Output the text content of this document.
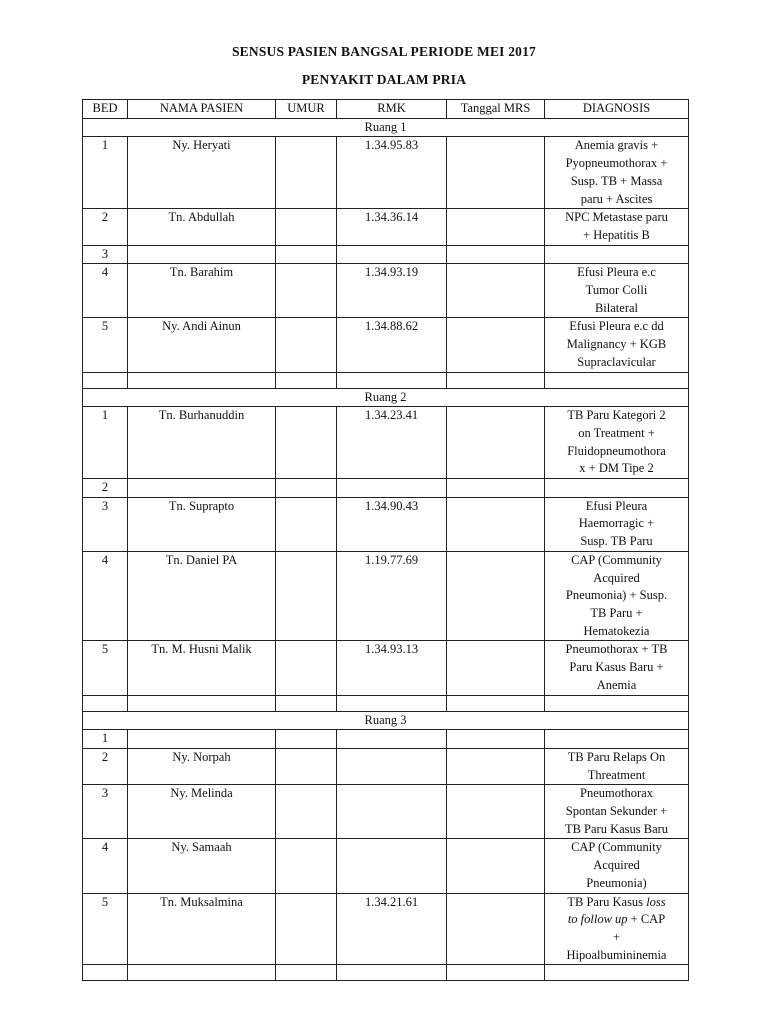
SENSUS PASIEN BANGSAL PERIODE MEI 2017
PENYAKIT DALAM PRIA
BED	NAMA PASIEN	UMUR	RMK	Tanggal MRS	DIAGNOSIS
Ruang 1					
1	Ny. Heryati		1.34.95.83		Anemia gravis +
Pyopneumothorax +
Susp. TB + Massa
paru + Ascites

2	Tn. Abdullah		1.34.36.14		NPC Metastase paru
+ Hepatitis B

3					
4	Tn. Barahim		1.34.93.19		Efusi Pleura e.c
Tumor Colli
Bilateral

5	Ny. Andi Ainun		1.34.88.62		Efusi Pleura e.c dd
Malignancy + KGB
Supraclavicular

Ruang 2					
1	Tn. Burhanuddin		1.34.23.41		TB Paru Kategori 2
on Treatment +
Fluidopneumothora
x + DM Tipe 2

2					
3	Tn. Suprapto		1.34.90.43		Efusi Pleura
Haemorragic +
Susp. TB Paru

4	Tn. Daniel PA		1.19.77.69		CAP (Community
Acquired
Pneumonia) + Susp.
TB Paru +
Hematokezia

5	Tn. M. Husni Malik		1.34.93.13		Pneumothorax + TB
Paru Kasus Baru +
Anemia

Ruang 3					
1					
2	Ny. Norpah				TB Paru Relaps On
Threatment

3	Ny. Melinda				Pneumothorax
Spontan Sekunder +
TB Paru Kasus Baru

4	Ny. Samaah				CAP (Community
Acquired
Pneumonia)

5	Tn. Muksalmina		1.34.21.61		TB Paru Kasus loss
to follow up + CAP
+
Hipoalbumininemia
